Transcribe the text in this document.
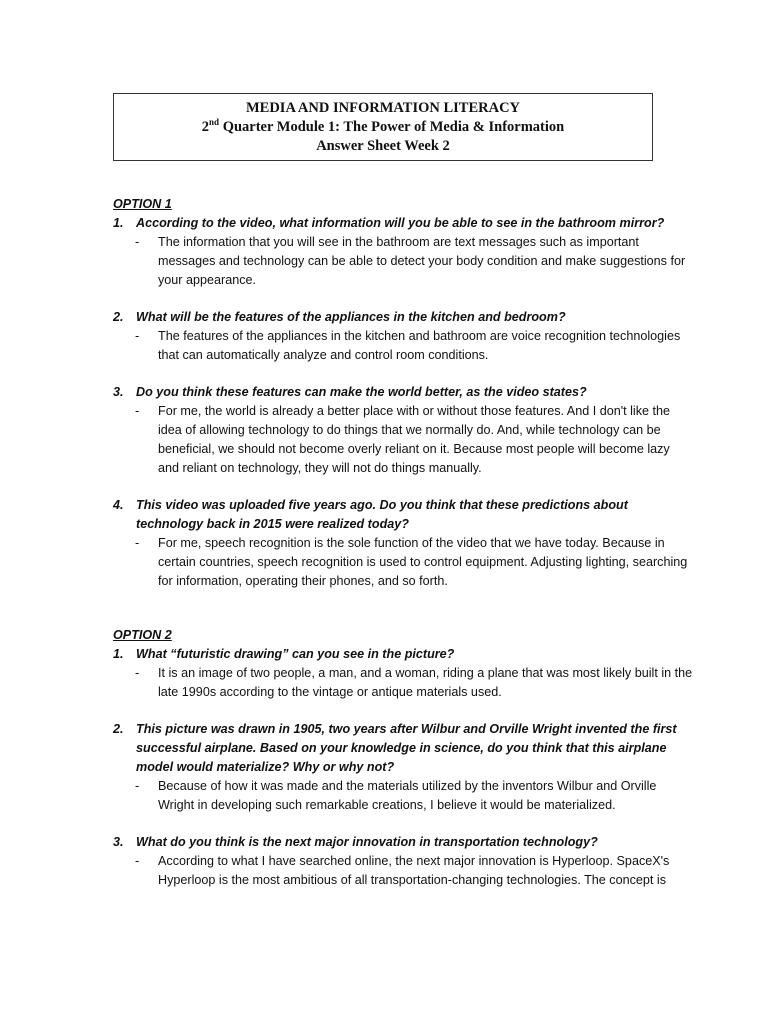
MEDIA AND INFORMATION LITERACY
2nd Quarter Module 1: The Power of Media & Information
Answer Sheet Week 2
OPTION 1
1. According to the video, what information will you be able to see in the bathroom mirror?
- The information that you will see in the bathroom are text messages such as important messages and technology can be able to detect your body condition and make suggestions for your appearance.
2. What will be the features of the appliances in the kitchen and bedroom?
- The features of the appliances in the kitchen and bathroom are voice recognition technologies that can automatically analyze and control room conditions.
3. Do you think these features can make the world better, as the video states?
- For me, the world is already a better place with or without those features. And I don't like the idea of allowing technology to do things that we normally do. And, while technology can be beneficial, we should not become overly reliant on it. Because most people will become lazy and reliant on technology, they will not do things manually.
4. This video was uploaded five years ago. Do you think that these predictions about technology back in 2015 were realized today?
- For me, speech recognition is the sole function of the video that we have today. Because in certain countries, speech recognition is used to control equipment. Adjusting lighting, searching for information, operating their phones, and so forth.
OPTION 2
1. What “futuristic drawing” can you see in the picture?
- It is an image of two people, a man, and a woman, riding a plane that was most likely built in the late 1990s according to the vintage or antique materials used.
2. This picture was drawn in 1905, two years after Wilbur and Orville Wright invented the first successful airplane. Based on your knowledge in science, do you think that this airplane model would materialize? Why or why not?
- Because of how it was made and the materials utilized by the inventors Wilbur and Orville Wright in developing such remarkable creations, I believe it would be materialized.
3. What do you think is the next major innovation in transportation technology?
- According to what I have searched online, the next major innovation is Hyperloop. SpaceX's Hyperloop is the most ambitious of all transportation-changing technologies. The concept is
